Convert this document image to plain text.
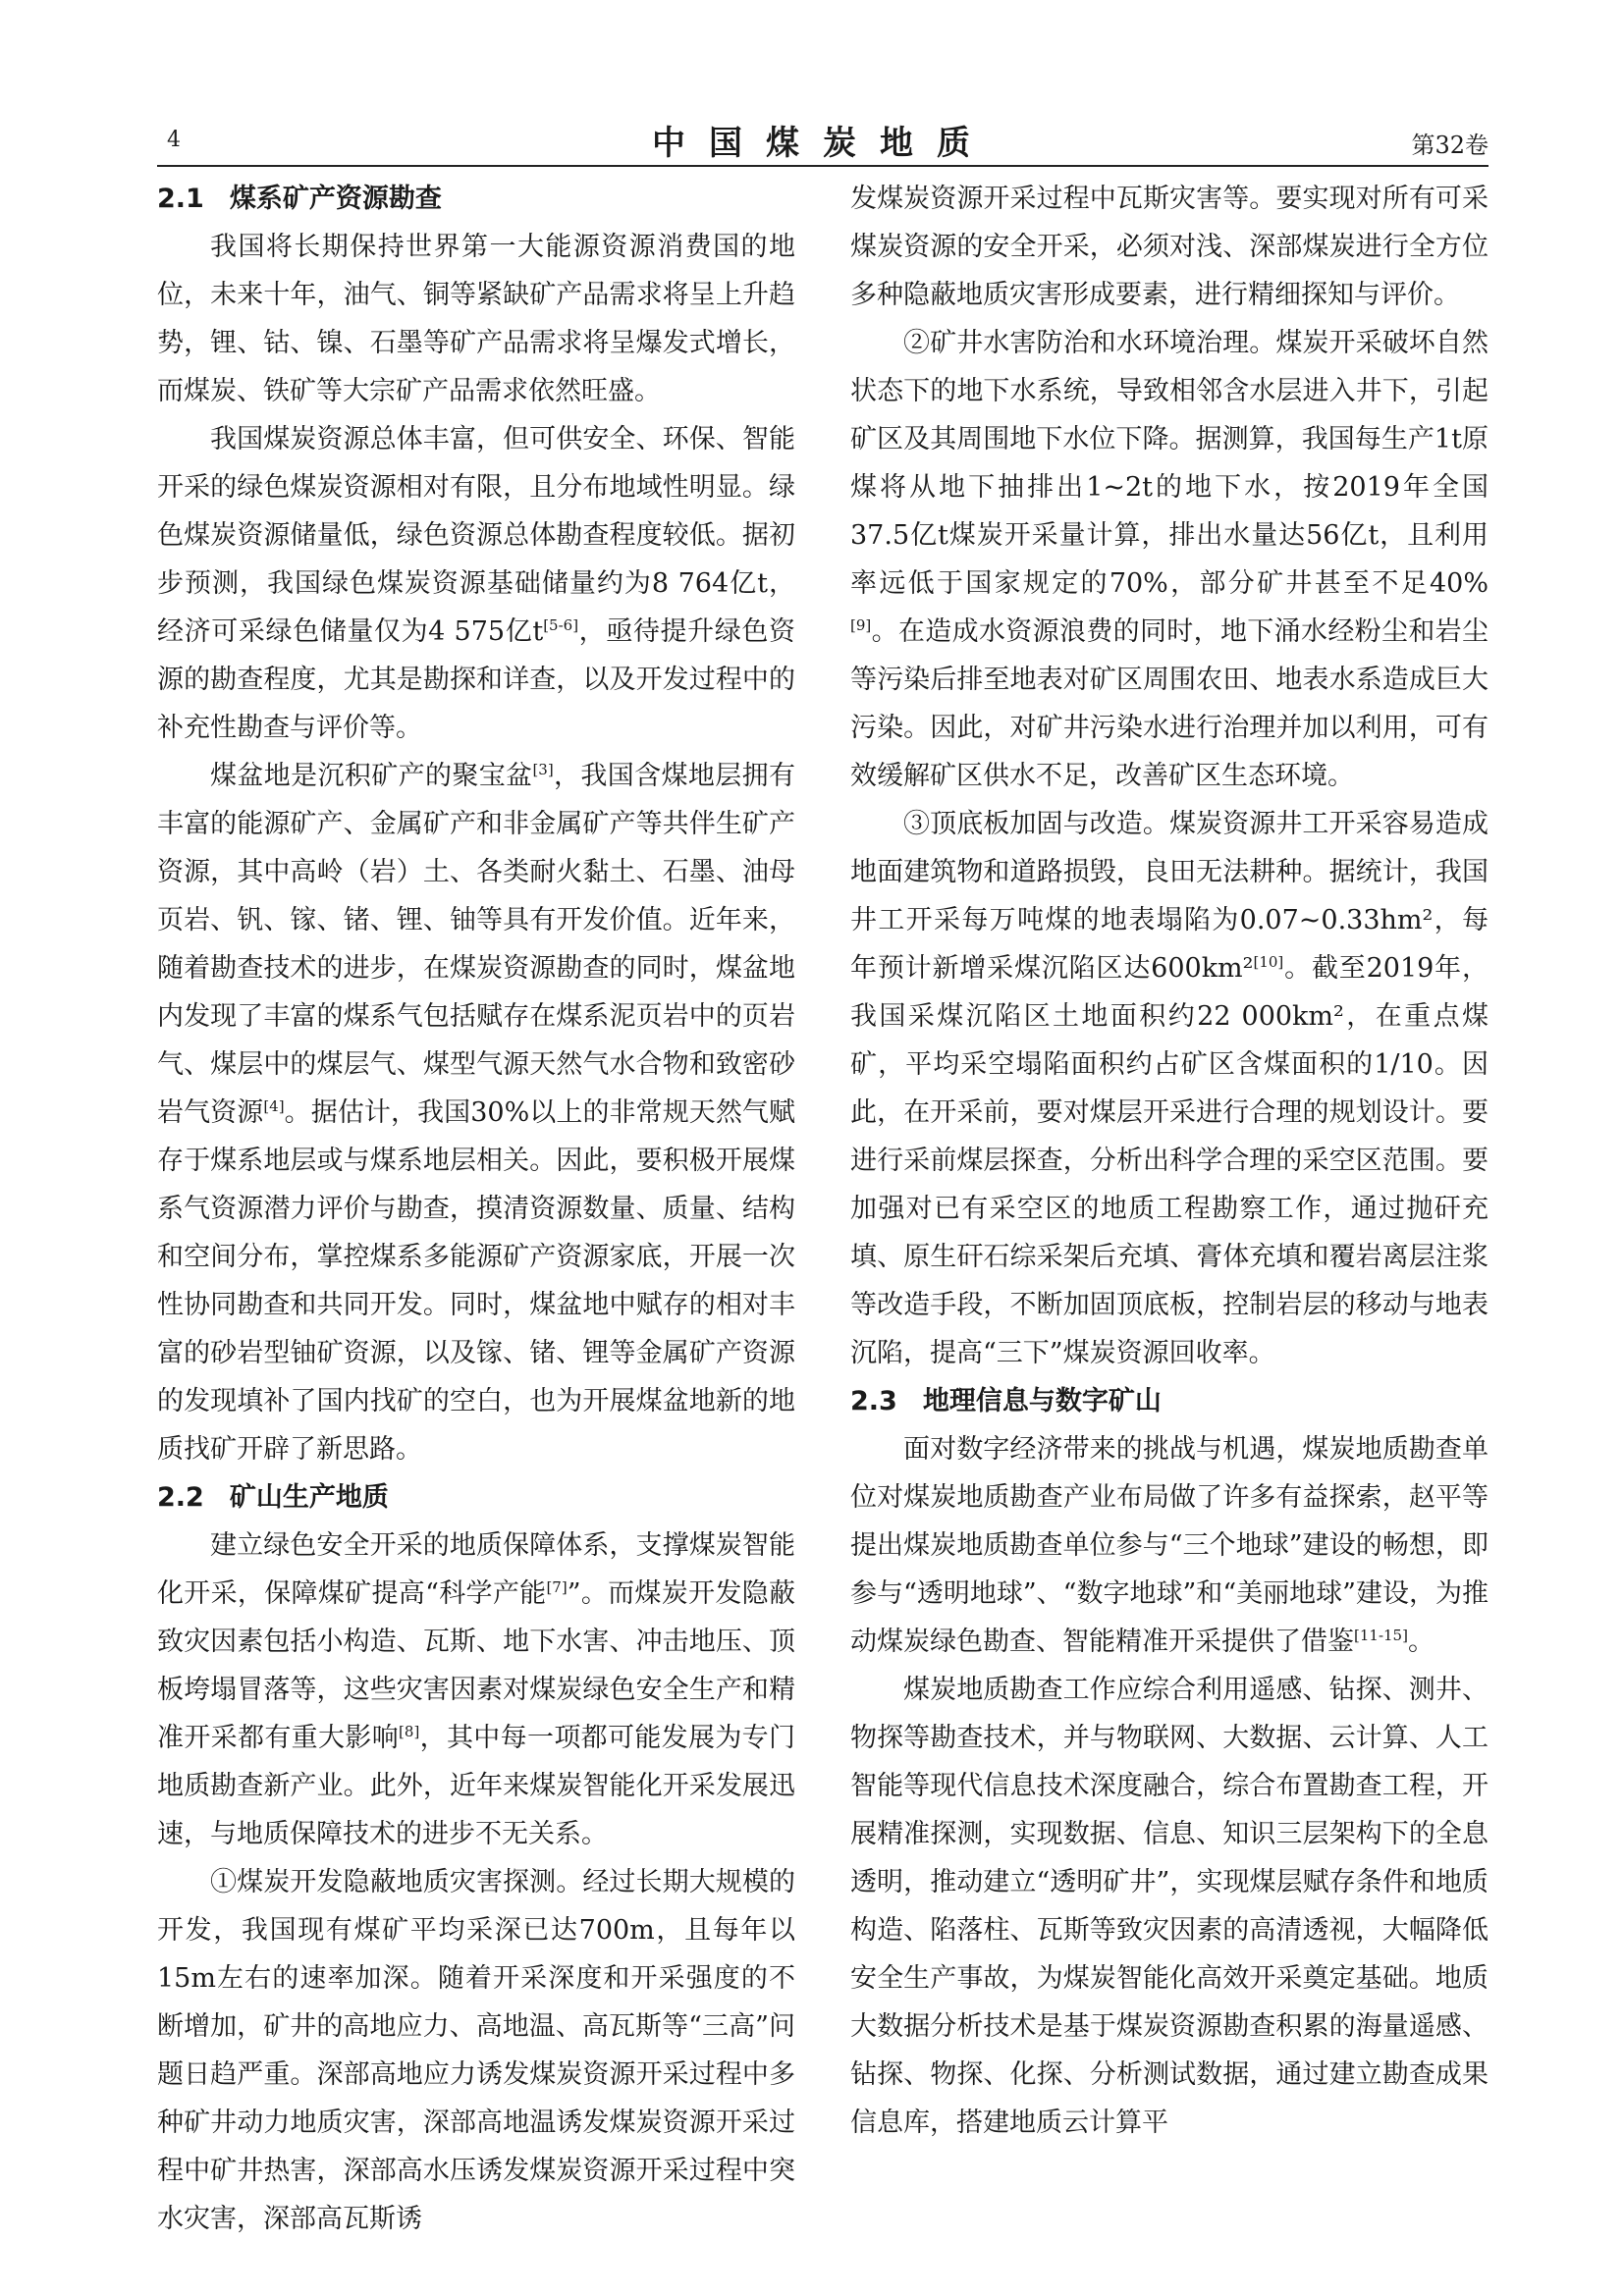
4	中国煤炭地质	第32卷
2.1 煤系矿产资源勘查

我国将长期保持世界第一大能源资源消费国的地位，未来十年，油气、铜等紧缺矿产品需求将呈上升趋势，锂、钴、镍、石墨等矿产品需求将呈爆发式增长，而煤炭、铁矿等大宗矿产品需求依然旺盛。

我国煤炭资源总体丰富，但可供安全、环保、智能开采的绿色煤炭资源相对有限，且分布地域性明显。绿色煤炭资源储量低，绿色资源总体勘查程度较低。据初步预测，我国绿色煤炭资源基础储量约为8 764亿t，经济可采绿色储量仅为4 575亿t[5-6]，亟待提升绿色资源的勘查程度，尤其是勘探和详查，以及开发过程中的补充性勘查与评价等。

煤盆地是沉积矿产的聚宝盆[3]，我国含煤地层拥有丰富的能源矿产、金属矿产和非金属矿产等共伴生矿产资源，其中高岭（岩）土、各类耐火黏土、石墨、油母页岩、钒、镓、锗、锂、铀等具有开发价值。近年来，随着勘查技术的进步，在煤炭资源勘查的同时，煤盆地内发现了丰富的煤系气包括赋存在煤系泥页岩中的页岩气、煤层中的煤层气、煤型气源天然气水合物和致密砂岩气资源[4]。据估计，我国30%以上的非常规天然气赋存于煤系地层或与煤系地层相关。因此，要积极开展煤系气资源潜力评价与勘查，摸清资源数量、质量、结构和空间分布，掌控煤系多能源矿产资源家底，开展一次性协同勘查和共同开发。同时，煤盆地中赋存的相对丰富的砂岩型铀矿资源，以及镓、锗、锂等金属矿产资源的发现填补了国内找矿的空白，也为开展煤盆地新的地质找矿开辟了新思路。

2.2 矿山生产地质

建立绿色安全开采的地质保障体系，支撑煤炭智能化开采，保障煤矿提高“科学产能[7]”。而煤炭开发隐蔽致灾因素包括小构造、瓦斯、地下水害、冲击地压、顶板垮塌冒落等，这些灾害因素对煤炭绿色安全生产和精准开采都有重大影响[8]，其中每一项都可能发展为专门地质勘查新产业。此外，近年来煤炭智能化开采发展迅速，与地质保障技术的进步不无关系。

①煤炭开发隐蔽地质灾害探测。经过长期大规模的开发，我国现有煤矿平均采深已达700m，且每年以15m左右的速率加深。随着开采深度和开采强度的不断增加，矿井的高地应力、高地温、高瓦斯等“三高”问题日趋严重。深部高地应力诱发煤炭资源开采过程中多种矿井动力地质灾害，深部高地温诱发煤炭资源开采过程中矿井热害，深部高水压诱发煤炭资源开采过程中突水灾害，深部高瓦斯诱

发煤炭资源开采过程中瓦斯灾害等。要实现对所有可采煤炭资源的安全开采，必须对浅、深部煤炭进行全方位多种隐蔽地质灾害形成要素，进行精细探知与评价。

②矿井水害防治和水环境治理。煤炭开采破坏自然状态下的地下水系统，导致相邻含水层进入井下，引起矿区及其周围地下水位下降。据测算，我国每生产1t原煤将从地下抽排出1~2t的地下水，按2019年全国37.5亿t煤炭开采量计算，排出水量达56亿t，且利用率远低于国家规定的70%，部分矿井甚至不足40%[9]。在造成水资源浪费的同时，地下涌水经粉尘和岩尘等污染后排至地表对矿区周围农田、地表水系造成巨大污染。因此，对矿井污染水进行治理并加以利用，可有效缓解矿区供水不足，改善矿区生态环境。

③顶底板加固与改造。煤炭资源井工开采容易造成地面建筑物和道路损毁，良田无法耕种。据统计，我国井工开采每万吨煤的地表塌陷为0.07~0.33hm²，每年预计新增采煤沉陷区达600km²[10]。截至2019年，我国采煤沉陷区土地面积约22 000km²，在重点煤矿，平均采空塌陷面积约占矿区含煤面积的1/10。因此，在开采前，要对煤层开采进行合理的规划设计。要进行采前煤层探查，分析出科学合理的采空区范围。要加强对已有采空区的地质工程勘察工作，通过抛矸充填、原生矸石综采架后充填、膏体充填和覆岩离层注浆等改造手段，不断加固顶底板，控制岩层的移动与地表沉陷，提高“三下”煤炭资源回收率。

2.3 地理信息与数字矿山

面对数字经济带来的挑战与机遇，煤炭地质勘查单位对煤炭地质勘查产业布局做了许多有益探索，赵平等提出煤炭地质勘查单位参与“三个地球”建设的畅想，即参与“透明地球”、“数字地球”和“美丽地球”建设，为推动煤炭绿色勘查、智能精准开采提供了借鉴[11-15]。

煤炭地质勘查工作应综合利用遥感、钻探、测井、物探等勘查技术，并与物联网、大数据、云计算、人工智能等现代信息技术深度融合，综合布置勘查工程，开展精准探测，实现数据、信息、知识三层架构下的全息透明，推动建立“透明矿井”，实现煤层赋存条件和地质构造、陷落柱、瓦斯等致灾因素的高清透视，大幅降低安全生产事故，为煤炭智能化高效开采奠定基础。地质大数据分析技术是基于煤炭资源勘查积累的海量遥感、钻探、物探、化探、分析测试数据，通过建立勘查成果信息库，搭建地质云计算平
